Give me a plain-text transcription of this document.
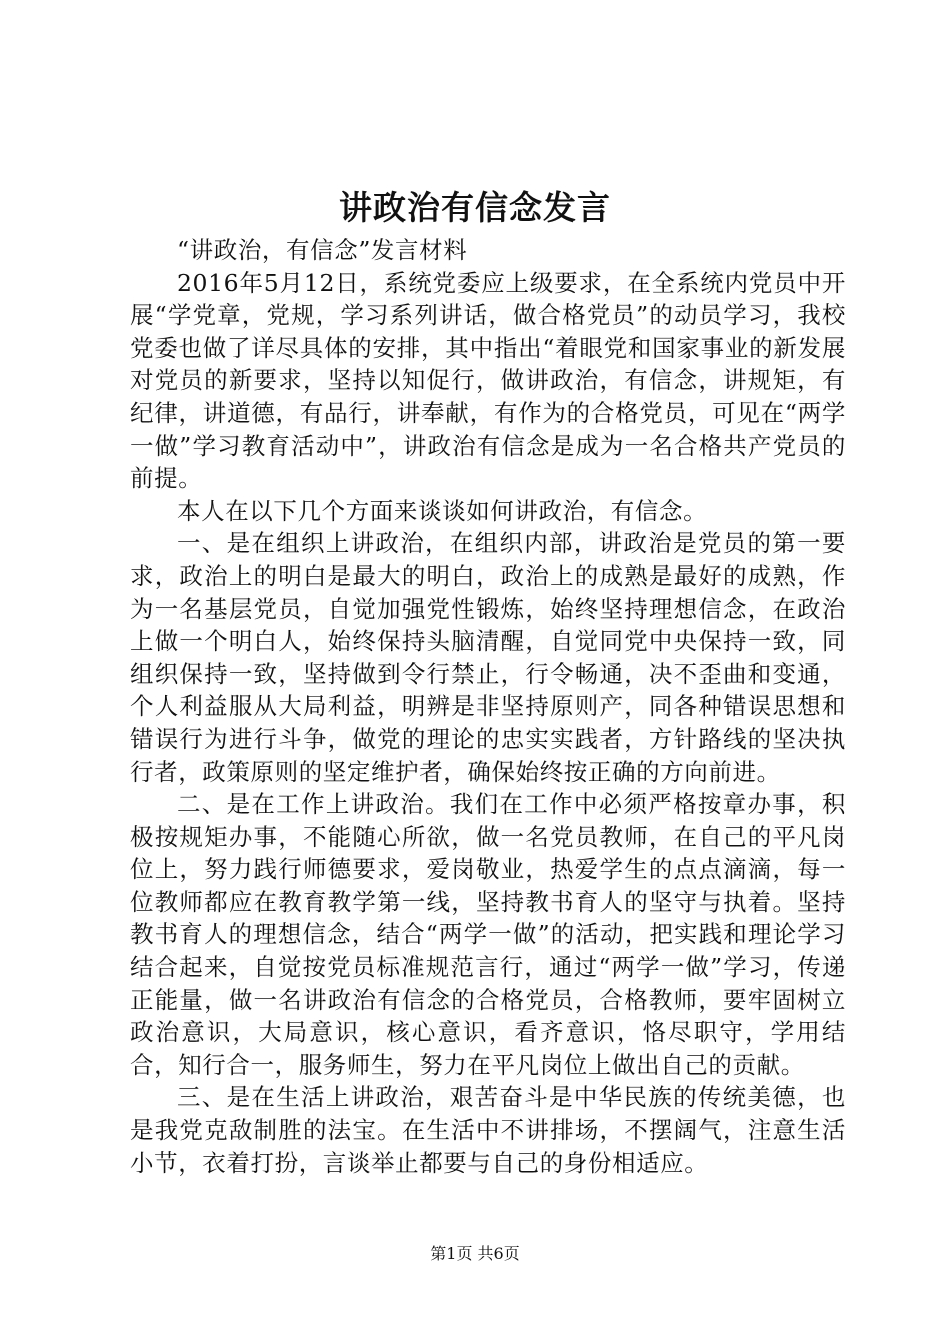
讲政治有信念发言

“讲政治，有信念”发言材料

2016年5月12日，系统党委应上级要求，在全系统内党员中开展“学党章，党规，学习系列讲话，做合格党员”的动员学习，我校党委也做了详尽具体的安排，其中指出“着眼党和国家事业的新发展对党员的新要求，坚持以知促行，做讲政治，有信念，讲规矩，有纪律，讲道德，有品行，讲奉献，有作为的合格党员，可见在“两学一做”学习教育活动中”，讲政治有信念是成为一名合格共产党员的前提。

本人在以下几个方面来谈谈如何讲政治，有信念。

一、是在组织上讲政治，在组织内部，讲政治是党员的第一要求，政治上的明白是最大的明白，政治上的成熟是最好的成熟，作为一名基层党员，自觉加强党性锻炼，始终坚持理想信念，在政治上做一个明白人，始终保持头脑清醒，自觉同党中央保持一致，同组织保持一致，坚持做到令行禁止，行令畅通，决不歪曲和变通，个人利益服从大局利益，明辨是非坚持原则产，同各种错误思想和错误行为进行斗争，做党的理论的忠实实践者，方针路线的坚决执行者，政策原则的坚定维护者，确保始终按正确的方向前进。

二、是在工作上讲政治。我们在工作中必须严格按章办事，积极按规矩办事，不能随心所欲，做一名党员教师，在自己的平凡岗位上，努力践行师德要求，爱岗敬业，热爱学生的点点滴滴，每一位教师都应在教育教学第一线，坚持教书育人的坚守与执着。坚持教书育人的理想信念，结合“两学一做”的活动，把实践和理论学习结合起来，自觉按党员标准规范言行，通过“两学一做”学习，传递正能量，做一名讲政治有信念的合格党员，合格教师，要牢固树立政治意识，大局意识，核心意识，看齐意识，恪尽职守，学用结合，知行合一，服务师生，努力在平凡岗位上做出自己的贡献。

三、是在生活上讲政治，艰苦奋斗是中华民族的传统美德，也是我党克敌制胜的法宝。在生活中不讲排场，不摆阔气，注意生活小节，衣着打扮，言谈举止都要与自己的身份相适应。

第1页 共6页
